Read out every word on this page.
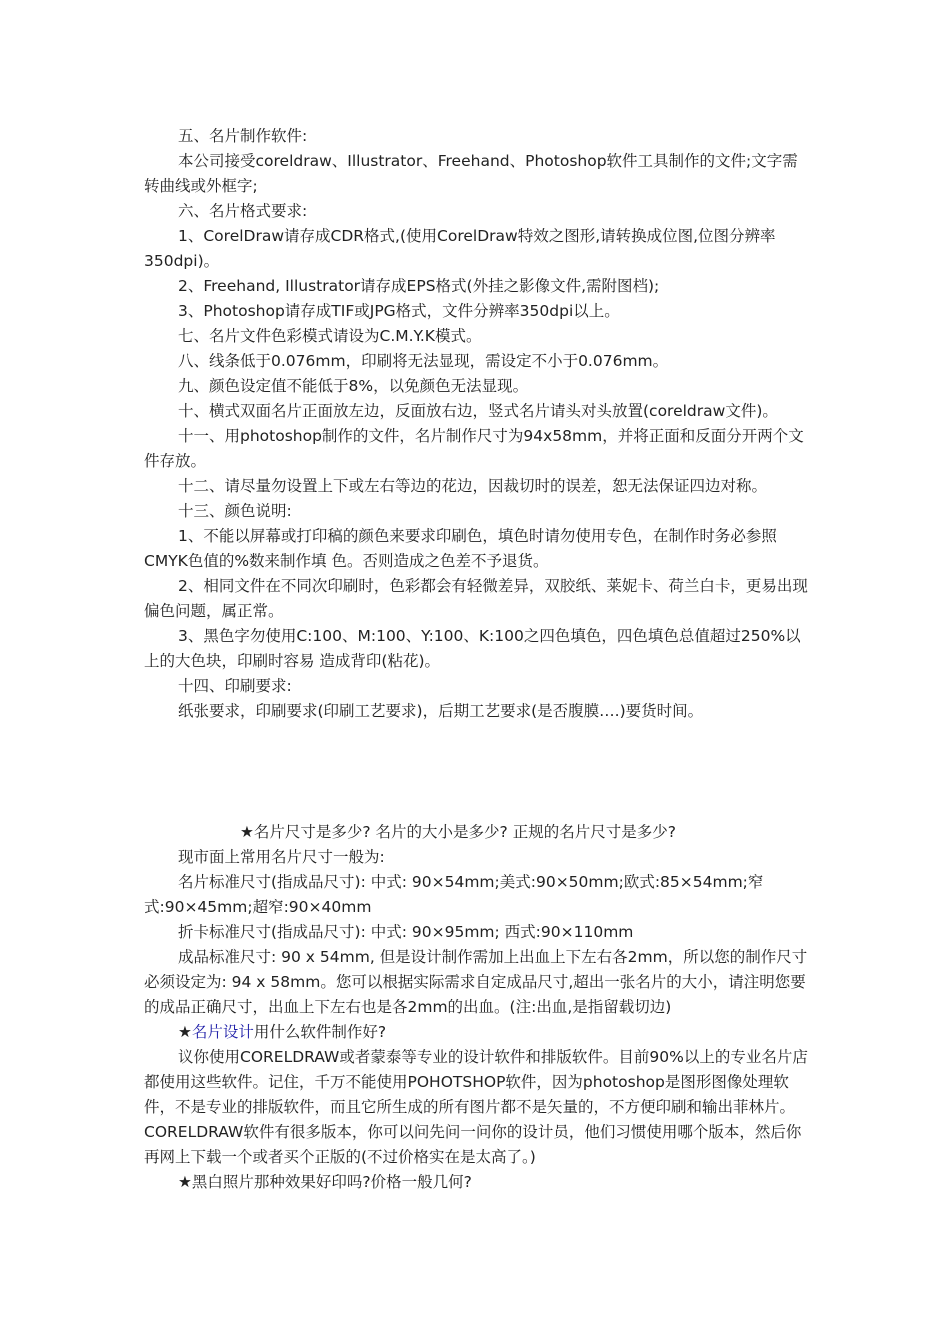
五、名片制作软件:

本公司接受coreldraw、Illustrator、Freehand、Photoshop软件工具制作的文件;文字需转曲线或外框字;

六、名片格式要求:

1、CorelDraw请存成CDR格式,(使用CorelDraw特效之图形,请转换成位图,位图分辨率350dpi)。

2、Freehand, Illustrator请存成EPS格式(外挂之影像文件,需附图档);

3、Photoshop请存成TIF或JPG格式，文件分辨率350dpi以上。

七、名片文件色彩模式请设为C.M.Y.K模式。

八、线条低于0.076mm，印刷将无法显现，需设定不小于0.076mm。

九、颜色设定值不能低于8%，以免颜色无法显现。

十、横式双面名片正面放左边，反面放右边，竖式名片请头对头放置(coreldraw文件)。

十一、用photoshop制作的文件，名片制作尺寸为94x58mm，并将正面和反面分开两个文件存放。

十二、请尽量勿设置上下或左右等边的花边，因裁切时的误差，恕无法保证四边对称。

十三、颜色说明:

1、不能以屏幕或打印稿的颜色来要求印刷色，填色时请勿使用专色，在制作时务必参照CMYK色值的%数来制作填 色。否则造成之色差不予退货。

2、相同文件在不同次印刷时，色彩都会有轻微差异，双胶纸、莱妮卡、荷兰白卡，更易出现偏色问题，属正常。

3、黑色字勿使用C:100、M:100、Y:100、K:100之四色填色，四色填色总值超过250%以上的大色块，印刷时容易 造成背印(粘花)。

十四、印刷要求:

纸张要求，印刷要求(印刷工艺要求)，后期工艺要求(是否腹膜….)要货时间。

★名片尺寸是多少? 名片的大小是多少? 正规的名片尺寸是多少?

现市面上常用名片尺寸一般为:

名片标准尺寸(指成品尺寸): 中式: 90×54mm;美式:90×50mm;欧式:85×54mm;窄式:90×45mm;超窄:90×40mm

折卡标准尺寸(指成品尺寸): 中式: 90×95mm; 西式:90×110mm

成品标准尺寸: 90 x 54mm, 但是设计制作需加上出血上下左右各2mm，所以您的制作尺寸必须设定为: 94 x 58mm。您可以根据实际需求自定成品尺寸,超出一张名片的大小，请注明您要的成品正确尺寸，出血上下左右也是各2mm的出血。(注:出血,是指留载切边)

★名片设计用什么软件制作好?

议你使用CORELDRAW或者蒙泰等专业的设计软件和排版软件。目前90%以上的专业名片店都使用这些软件。记住，千万不能使用POHOTSHOP软件，因为photoshop是图形图像处理软件，不是专业的排版软件，而且它所生成的所有图片都不是矢量的，不方便印刷和输出菲林片。CORELDRAW软件有很多版本，你可以问先问一问你的设计员，他们习惯使用哪个版本，然后你再网上下载一个或者买个正版的(不过价格实在是太高了。)

★黑白照片那种效果好印吗?价格一般几何?
